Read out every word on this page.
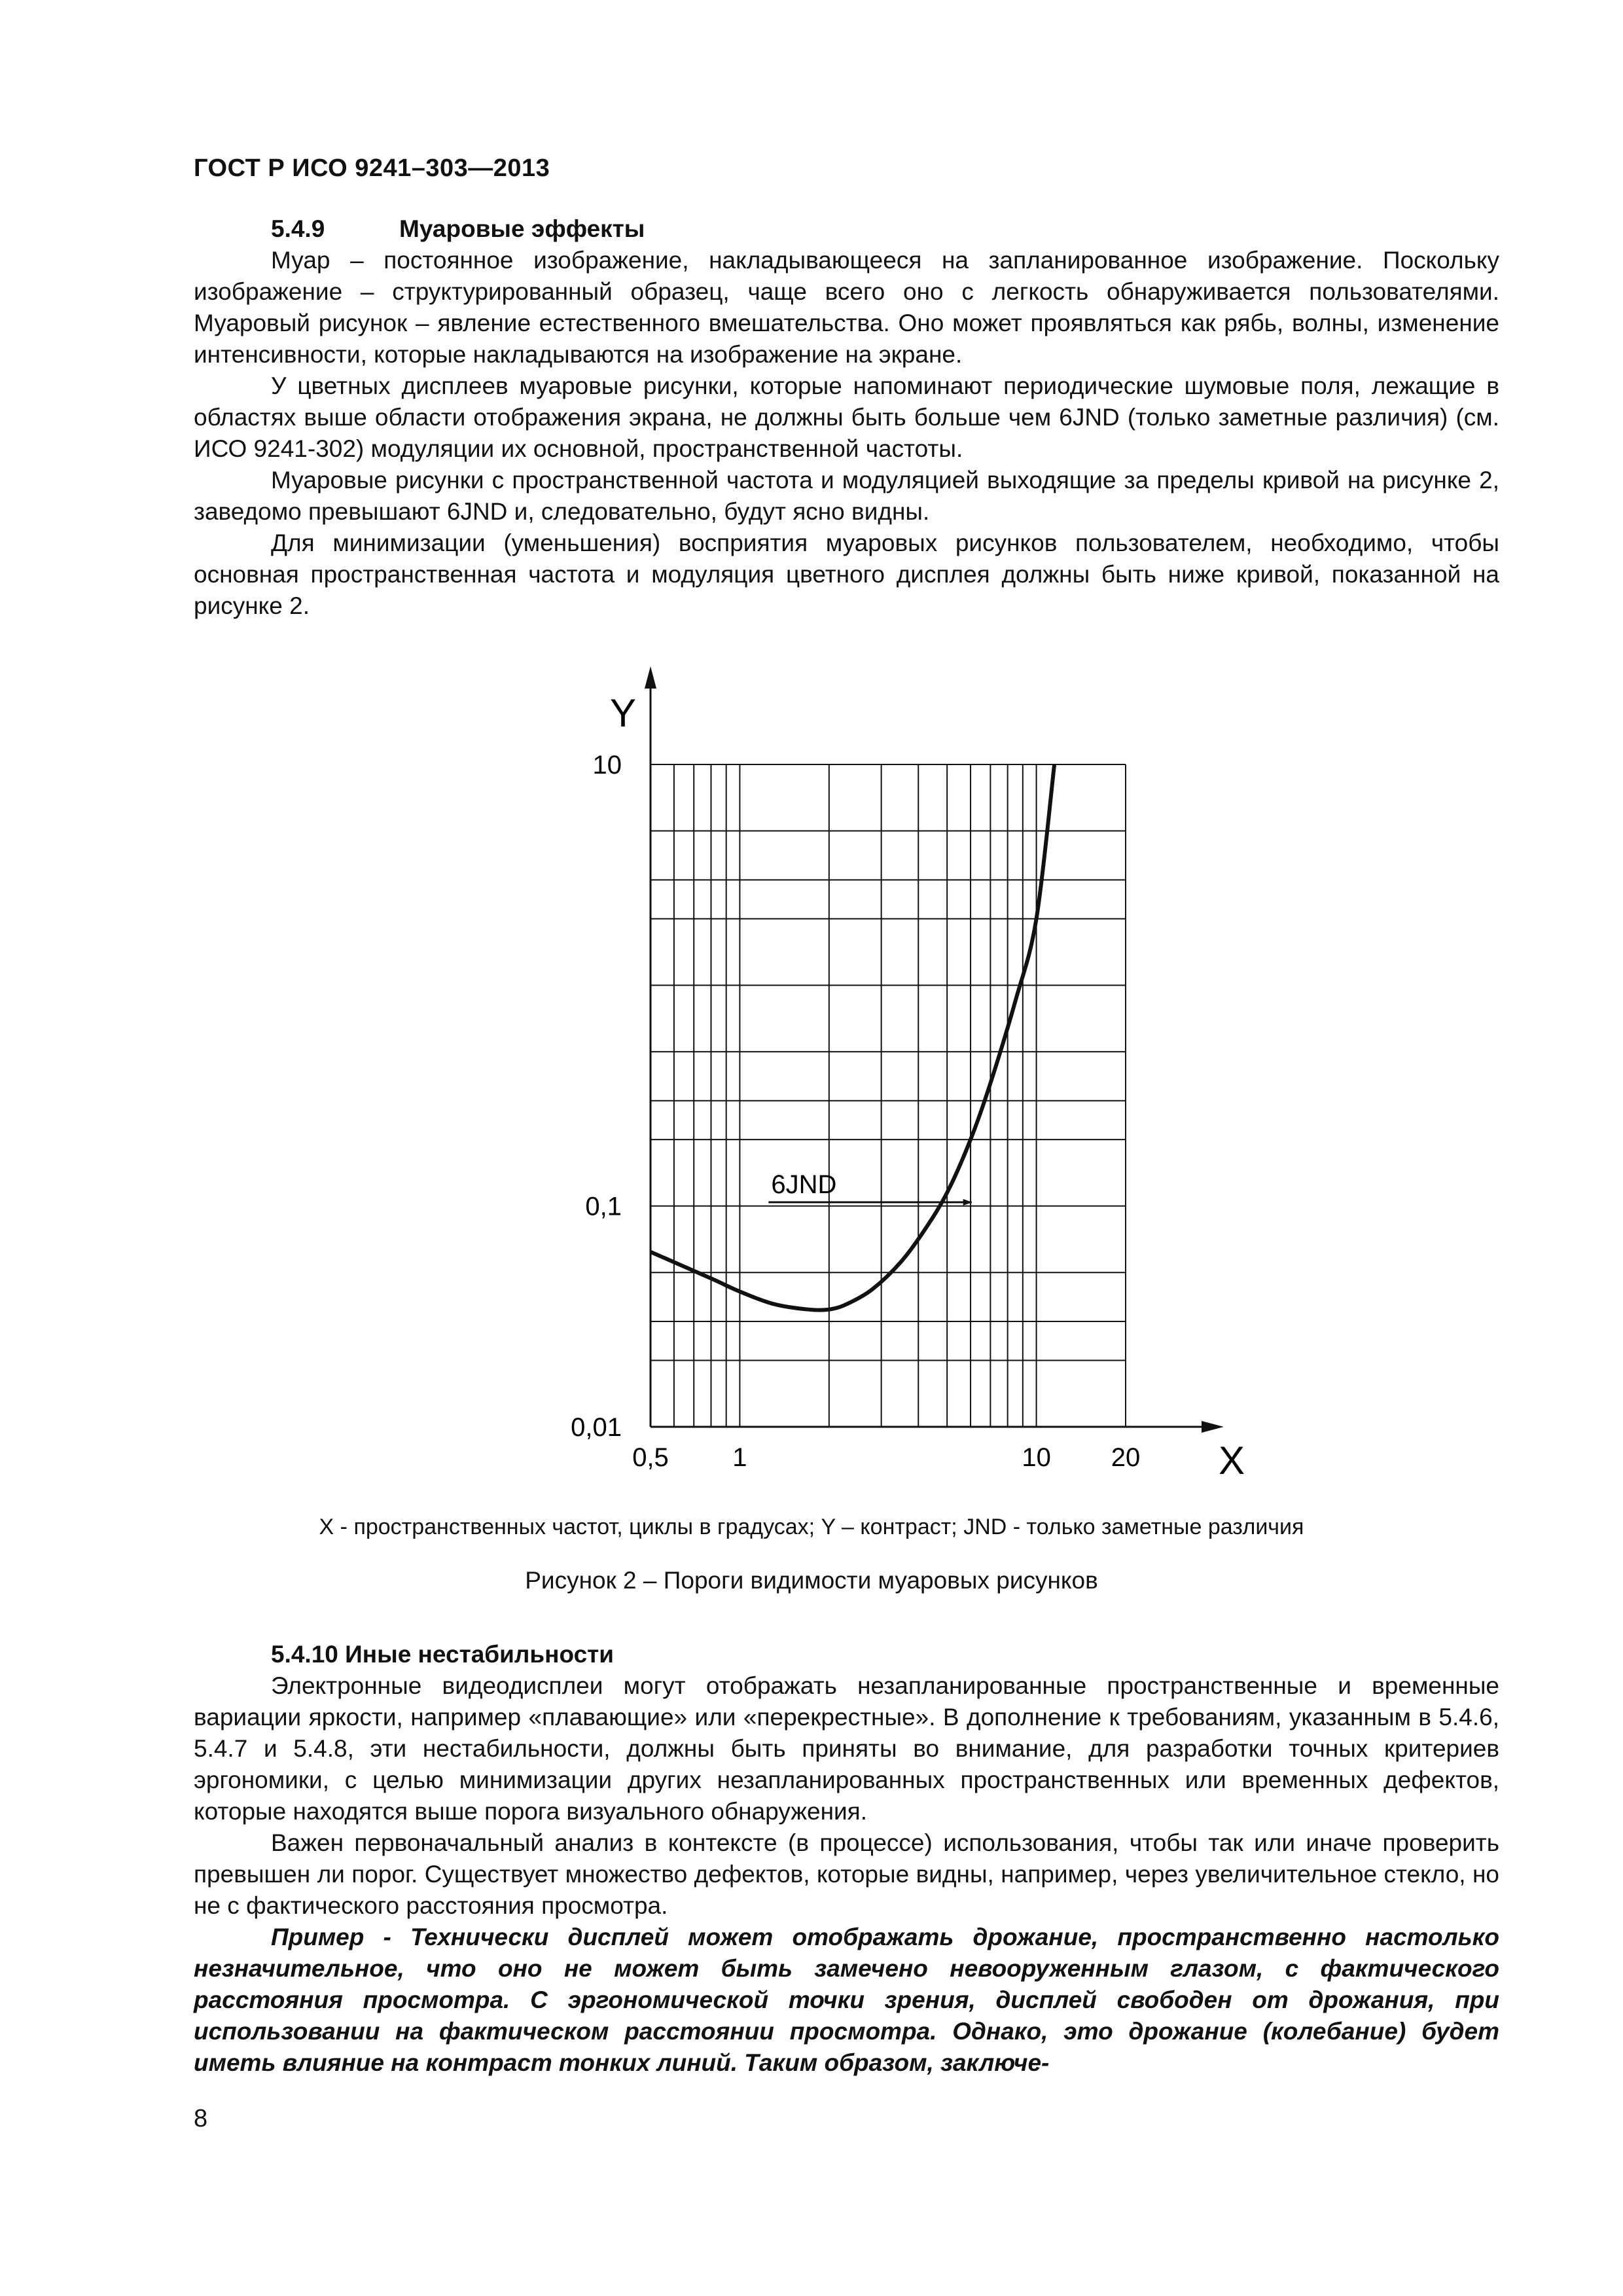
ГОСТ Р ИСО 9241–303—2013
5.4.9	Муаровые эффекты

Муар – постоянное изображение, накладывающееся на запланированное изображение. Поскольку изображение – структурированный образец, чаще всего оно с легкость обнаруживается пользователями. Муаровый рисунок – явление естественного вмешательства. Оно может проявляться как рябь, волны, изменение интенсивности, которые накладываются на изображение на экране.

У цветных дисплеев муаровые рисунки, которые напоминают периодические шумовые поля, лежащие в областях выше области отображения экрана, не должны быть больше чем 6JND (только заметные различия) (см. ИСО 9241-302) модуляции их основной, пространственной частоты.

Муаровые рисунки с пространственной частота и модуляцией выходящие за пределы кривой на рисунке 2, заведомо превышают 6JND и, следовательно, будут ясно видны.

Для минимизации (уменьшения) восприятия муаровых рисунков пользователем, необходимо, чтобы основная пространственная частота и модуляция цветного дисплея должны быть ниже кривой, показанной на рисунке 2.

Y
X
0,5 1	10 20
0,01
0,1
10
6JND
X - пространственных частот, циклы в градусах; Y – контраст; JND - только заметные различия
Рисунок 2 – Пороги видимости муаровых рисунков
5.4.10 Иные нестабильности

Электронные видеодисплеи могут отображать незапланированные пространственные и временные вариации яркости, например «плавающие» или «перекрестные». В дополнение к требованиям, указанным в 5.4.6, 5.4.7 и 5.4.8, эти нестабильности, должны быть приняты во внимание, для разработки точных критериев эргономики, с целью минимизации других незапланированных пространственных или временных дефектов, которые находятся выше порога визуального обнаружения.

Важен первоначальный анализ в контексте (в процессе) использования, чтобы так или иначе проверить превышен ли порог. Существует множество дефектов, которые видны, например, через увеличительное стекло, но не с фактического расстояния просмотра.

Пример - Технически дисплей может отображать дрожание, пространственно настолько незначительное, что оно не может быть замечено невооруженным глазом, с фактического расстояния просмотра. С эргономической точки зрения, дисплей свободен от дрожания, при использовании на фактическом расстоянии просмотра. Однако, это дрожание (колебание) будет иметь влияние на контраст тонких линий. Таким образом, заключе-

8
